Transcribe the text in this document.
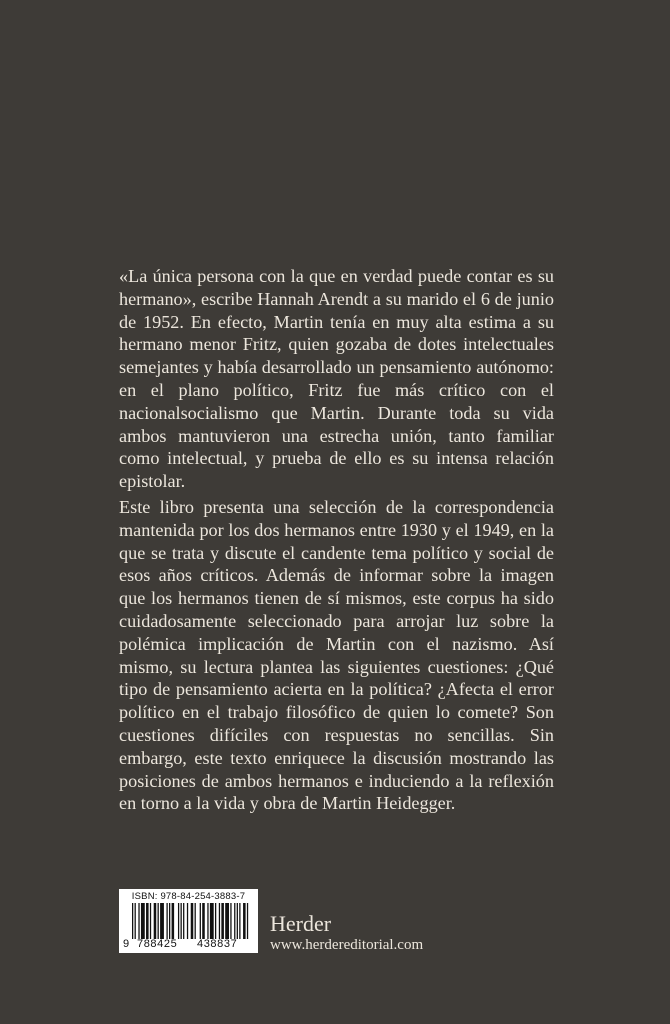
«La única persona con la que en verdad puede contar es su hermano», escribe Hannah Arendt a su marido el 6 de junio de 1952. En efecto, Martin tenía en muy alta estima a su hermano menor Fritz, quien gozaba de dotes intelectuales semejantes y había desarrollado un pensamiento autónomo: en el plano político, Fritz fue más crítico con el nacionalsocialismo que Martin. Durante toda su vida ambos mantuvieron una estrecha unión, tanto familiar como intelectual, y prueba de ello es su intensa relación epistolar.

Este libro presenta una selección de la correspondencia mantenida por los dos hermanos entre 1930 y el 1949, en la que se trata y discute el candente tema político y social de esos años críticos. Además de informar sobre la imagen que los hermanos tienen de sí mismos, este corpus ha sido cuidadosamente seleccionado para arrojar luz sobre la polémica implicación de Martin con el nazismo. Así mismo, su lectura plantea las siguientes cuestiones: ¿Qué tipo de pensamiento acierta en la política? ¿Afecta el error político en el trabajo filosófico de quien lo comete? Son cuestiones difíciles con respuestas no sencillas. Sin embargo, este texto enriquece la discusión mostrando las posiciones de ambos hermanos e induciendo a la reflexión en torno a la vida y obra de Martin Heidegger.

ISBN: 978-84-254-3883-7
9 788425 438837

Herder

www.herdereditorial.com
